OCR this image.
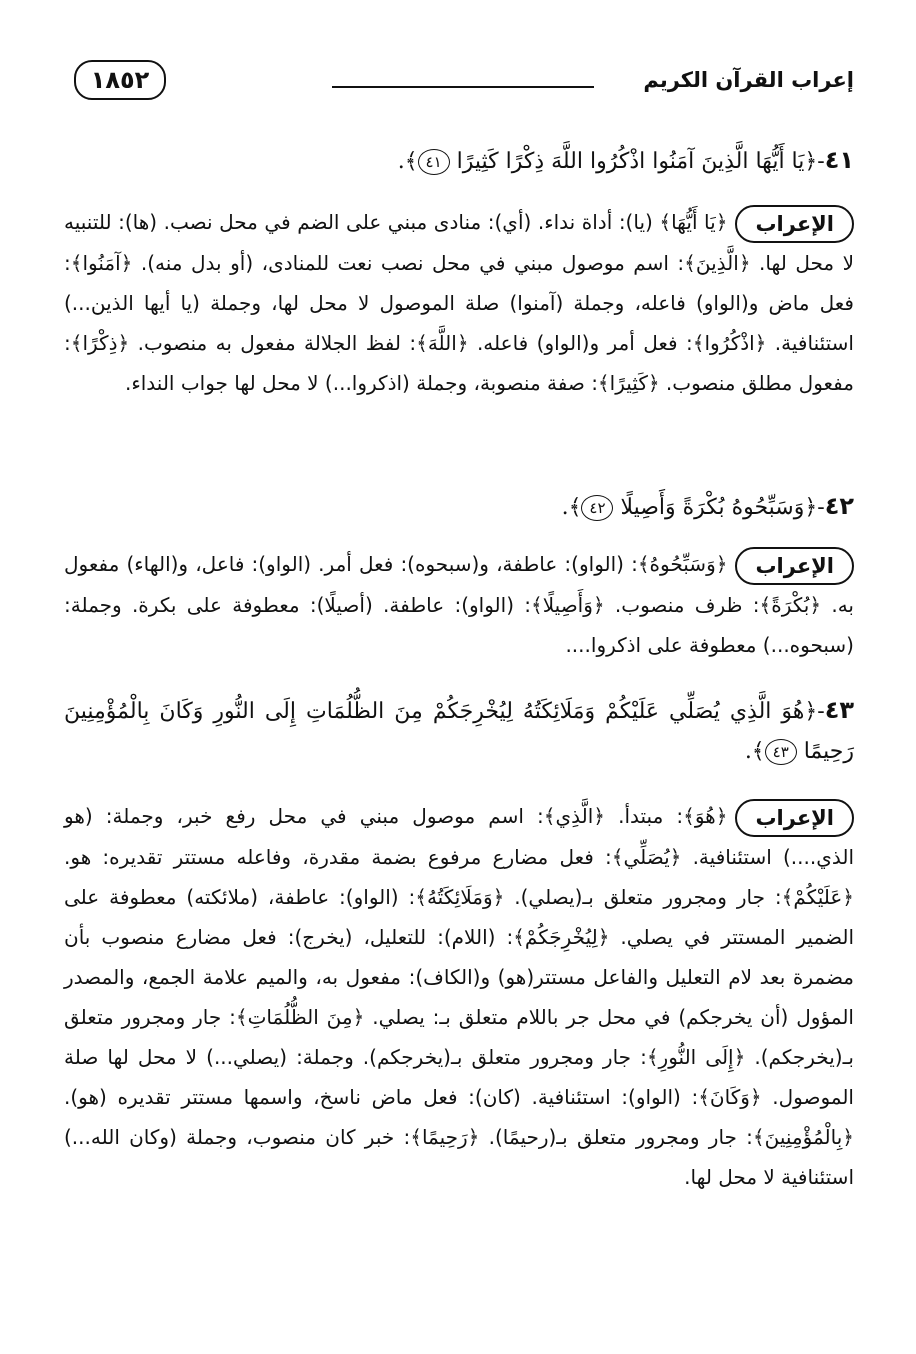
إعراب القرآن الكريم
١٨٥٢
٤١-﴿يَا أَيُّهَا الَّذِينَ آمَنُوا اذْكُرُوا اللَّهَ ذِكْرًا كَثِيرًا ٤١﴾.
الإعراب﴿يَا أَيُّهَا﴾ (يا): أداة نداء. (أي): منادى مبني على الضم في محل نصب. (ها): للتنبيه لا محل لها. ﴿الَّذِينَ﴾: اسم موصول مبني في محل نصب نعت للمنادى، (أو بدل منه). ﴿آمَنُوا﴾: فعل ماض و(الواو) فاعله، وجملة (آمنوا) صلة الموصول لا محل لها، وجملة (يا أيها الذين...) استئنافية. ﴿اذْكُرُوا﴾: فعل أمر و(الواو) فاعله. ﴿اللَّهَ﴾: لفظ الجلالة مفعول به منصوب. ﴿ذِكْرًا﴾: مفعول مطلق منصوب. ﴿كَثِيرًا﴾: صفة منصوبة، وجملة (اذكروا...) لا محل لها جواب النداء.
٤٢-﴿وَسَبِّحُوهُ بُكْرَةً وَأَصِيلًا ٤٢﴾.
الإعراب﴿وَسَبِّحُوهُ﴾: (الواو): عاطفة، و(سبحوه): فعل أمر. (الواو): فاعل، و(الهاء) مفعول به. ﴿بُكْرَةً﴾: ظرف منصوب. ﴿وَأَصِيلًا﴾: (الواو): عاطفة. (أصيلًا): معطوفة على بكرة. وجملة: (سبحوه...) معطوفة على اذكروا....
٤٣-﴿هُوَ الَّذِي يُصَلِّي عَلَيْكُمْ وَمَلَائِكَتُهُ لِيُخْرِجَكُمْ مِنَ الظُّلُمَاتِ إِلَى النُّورِ وَكَانَ بِالْمُؤْمِنِينَ رَحِيمًا ٤٣﴾.
الإعراب﴿هُوَ﴾: مبتدأ. ﴿الَّذِي﴾: اسم موصول مبني في محل رفع خبر، وجملة: (هو الذي....) استئنافية. ﴿يُصَلِّي﴾: فعل مضارع مرفوع بضمة مقدرة، وفاعله مستتر تقديره: هو. ﴿عَلَيْكُمْ﴾: جار ومجرور متعلق بـ(يصلي). ﴿وَمَلَائِكَتُهُ﴾: (الواو): عاطفة، (ملائكته) معطوفة على الضمير المستتر في يصلي. ﴿لِيُخْرِجَكُمْ﴾: (اللام): للتعليل، (يخرج): فعل مضارع منصوب بأن مضمرة بعد لام التعليل والفاعل مستتر(هو) و(الكاف): مفعول به، والميم علامة الجمع، والمصدر المؤول (أن يخرجكم) في محل جر باللام متعلق بـ: يصلي. ﴿مِنَ الظُّلُمَاتِ﴾: جار ومجرور متعلق بـ(يخرجكم). ﴿إِلَى النُّورِ﴾: جار ومجرور متعلق بـ(يخرجكم). وجملة: (يصلي...) لا محل لها صلة الموصول. ﴿وَكَانَ﴾: (الواو): استئنافية. (كان): فعل ماض ناسخ، واسمها مستتر تقديره (هو). ﴿بِالْمُؤْمِنِينَ﴾: جار ومجرور متعلق بـ(رحيمًا). ﴿رَحِيمًا﴾: خبر كان منصوب، وجملة (وكان الله...) استئنافية لا محل لها.
